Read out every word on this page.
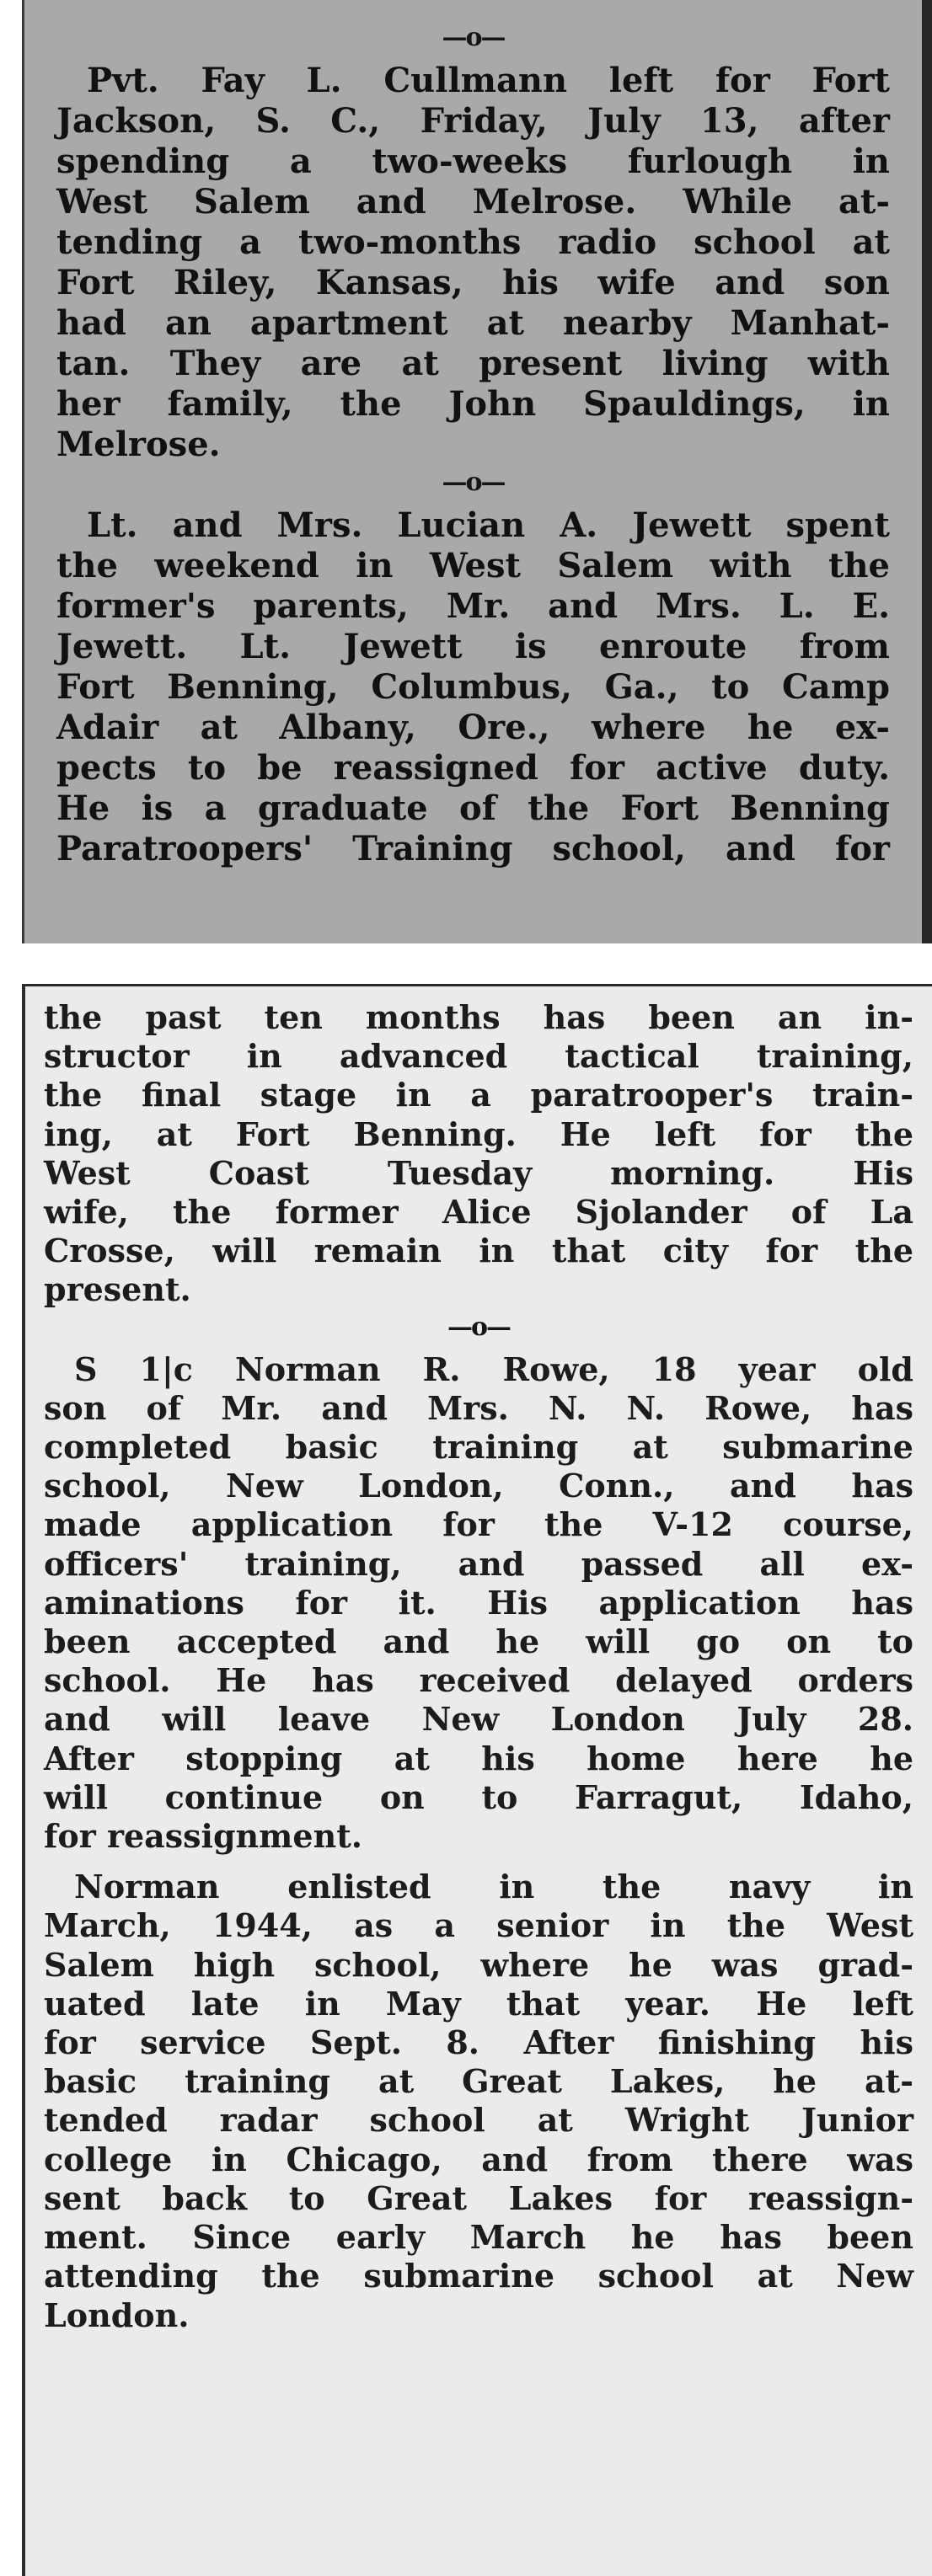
—o—
Pvt. Fay L. Cullmann left for Fort
Jackson, S. C., Friday, July 13, after
spending a two-weeks furlough in
West Salem and Melrose. While at-
tending a two-months radio school at
Fort Riley, Kansas, his wife and son
had an apartment at nearby Manhat-
tan. They are at present living with
her family, the John Spauldings, in
Melrose.
—o—
Lt. and Mrs. Lucian A. Jewett spent
the weekend in West Salem with the
former's parents, Mr. and Mrs. L. E.
Jewett. Lt. Jewett is enroute from
Fort Benning, Columbus, Ga., to Camp
Adair at Albany, Ore., where he ex-
pects to be reassigned for active duty.
He is a graduate of the Fort Benning
Paratroopers' Training school, and for
the past ten months has been an in-
structor in advanced tactical training,
the final stage in a paratrooper's train-
ing, at Fort Benning. He left for the
West Coast Tuesday morning. His
wife, the former Alice Sjolander of La
Crosse, will remain in that city for the
present.
—o—
S 1|c Norman R. Rowe, 18 year old
son of Mr. and Mrs. N. N. Rowe, has
completed basic training at submarine
school, New London, Conn., and has
made application for the V-12 course,
officers' training, and passed all ex-
aminations for it. His application has
been accepted and he will go on to
school. He has received delayed orders
and will leave New London July 28.
After stopping at his home here he
will continue on to Farragut, Idaho,
for reassignment.
Norman enlisted in the navy in
March, 1944, as a senior in the West
Salem high school, where he was grad-
uated late in May that year. He left
for service Sept. 8. After finishing his
basic training at Great Lakes, he at-
tended radar school at Wright Junior
college in Chicago, and from there was
sent back to Great Lakes for reassign-
ment. Since early March he has been
attending the submarine school at New
London.
